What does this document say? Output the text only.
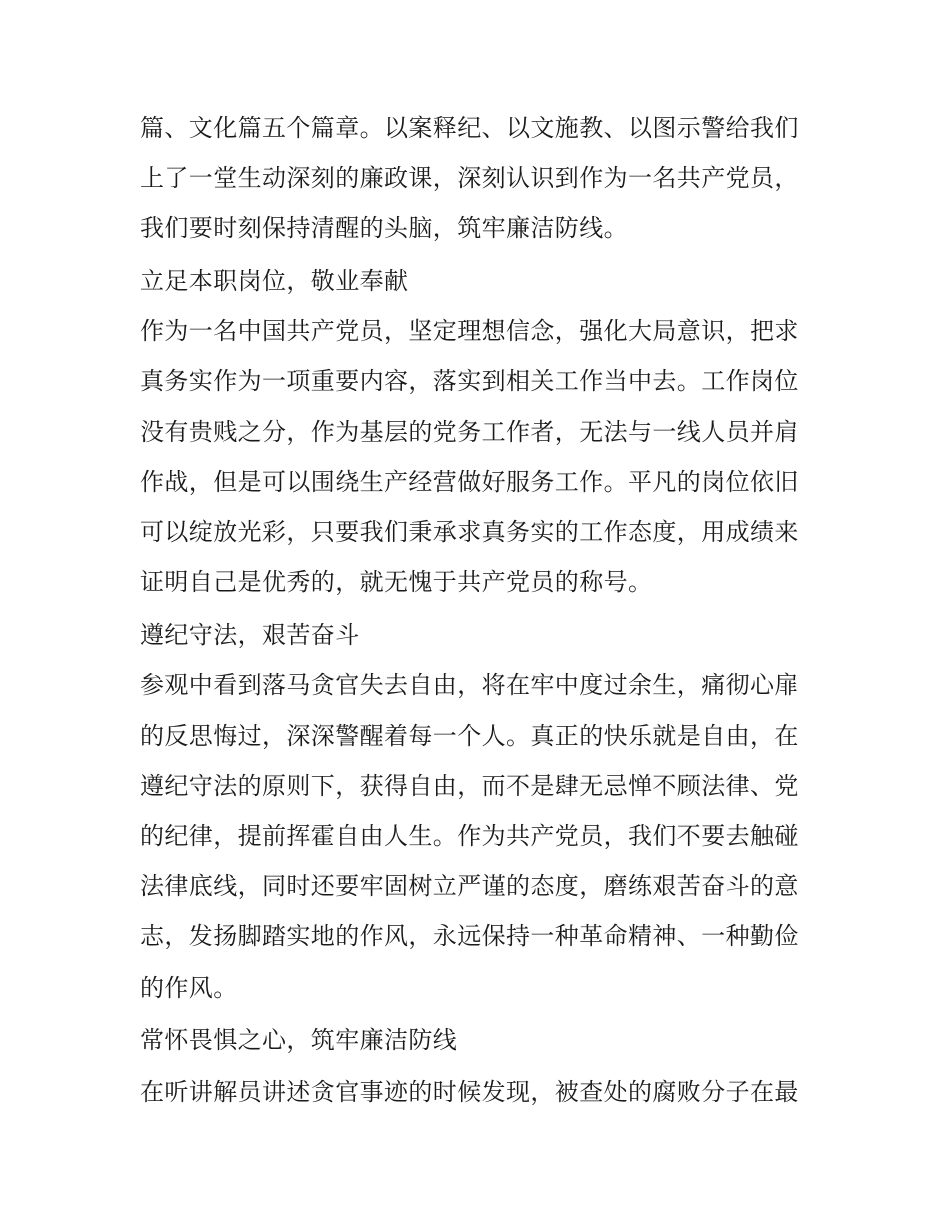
篇、文化篇五个篇章。以案释纪、以文施教、以图示警给我们
上了一堂生动深刻的廉政课，深刻认识到作为一名共产党员，
我们要时刻保持清醒的头脑，筑牢廉洁防线。
立足本职岗位，敬业奉献
作为一名中国共产党员，坚定理想信念，强化大局意识，把求
真务实作为一项重要内容，落实到相关工作当中去。工作岗位
没有贵贱之分，作为基层的党务工作者，无法与一线人员并肩
作战，但是可以围绕生产经营做好服务工作。平凡的岗位依旧
可以绽放光彩，只要我们秉承求真务实的工作态度，用成绩来
证明自己是优秀的，就无愧于共产党员的称号。
遵纪守法，艰苦奋斗
参观中看到落马贪官失去自由，将在牢中度过余生，痛彻心扉
的反思悔过，深深警醒着每一个人。真正的快乐就是自由，在
遵纪守法的原则下，获得自由，而不是肆无忌惮不顾法律、党
的纪律，提前挥霍自由人生。作为共产党员，我们不要去触碰
法律底线，同时还要牢固树立严谨的态度，磨练艰苦奋斗的意
志，发扬脚踏实地的作风，永远保持一种革命精神、一种勤俭
的作风。
常怀畏惧之心，筑牢廉洁防线
在听讲解员讲述贪官事迹的时候发现，被查处的腐败分子在最
